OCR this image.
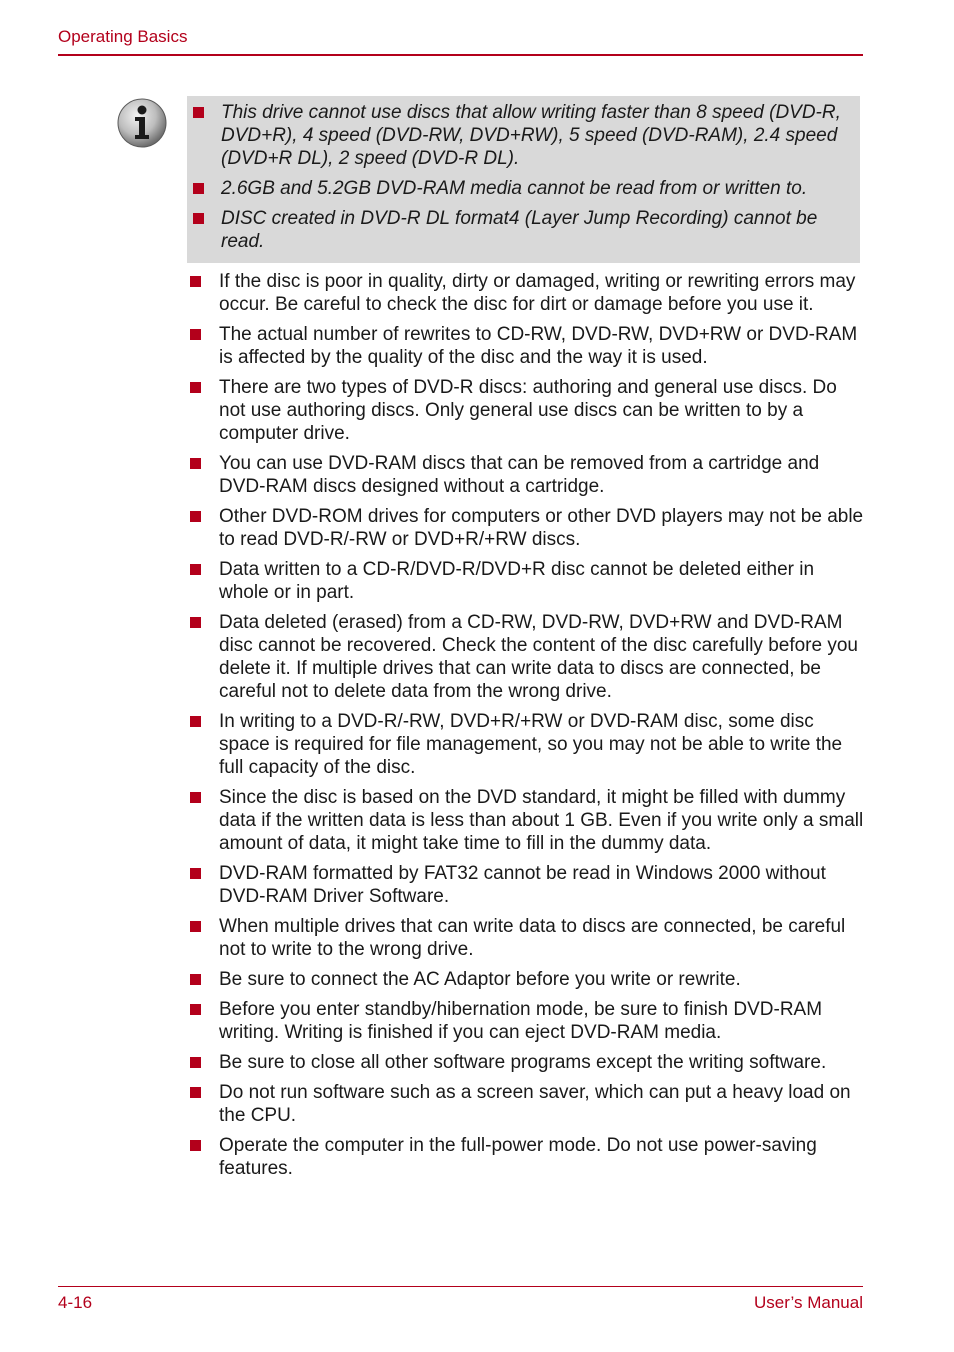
Operating Basics
This drive cannot use discs that allow writing faster than 8 speed (DVD-R, DVD+R), 4 speed (DVD-RW, DVD+RW), 5 speed (DVD-RAM), 2.4 speed (DVD+R DL), 2 speed (DVD-R DL).
2.6GB and 5.2GB DVD-RAM media cannot be read from or written to.
DISC created in DVD-R DL format4 (Layer Jump Recording) cannot be read.
If the disc is poor in quality, dirty or damaged, writing or rewriting errors may occur. Be careful to check the disc for dirt or damage before you use it.
The actual number of rewrites to CD-RW, DVD-RW, DVD+RW or DVD-RAM is affected by the quality of the disc and the way it is used.
There are two types of DVD-R discs: authoring and general use discs. Do not use authoring discs. Only general use discs can be written to by a computer drive.
You can use DVD-RAM discs that can be removed from a cartridge and DVD-RAM discs designed without a cartridge.
Other DVD-ROM drives for computers or other DVD players may not be able to read DVD-R/-RW or DVD+R/+RW discs.
Data written to a CD-R/DVD-R/DVD+R disc cannot be deleted either in whole or in part.
Data deleted (erased) from a CD-RW, DVD-RW, DVD+RW and DVD-RAM disc cannot be recovered. Check the content of the disc carefully before you delete it. If multiple drives that can write data to discs are connected, be careful not to delete data from the wrong drive.
In writing to a DVD-R/-RW, DVD+R/+RW or DVD-RAM disc, some disc space is required for file management, so you may not be able to write the full capacity of the disc.
Since the disc is based on the DVD standard, it might be filled with dummy data if the written data is less than about 1 GB. Even if you write only a small amount of data, it might take time to fill in the dummy data.
DVD-RAM formatted by FAT32 cannot be read in Windows 2000 without DVD-RAM Driver Software.
When multiple drives that can write data to discs are connected, be careful not to write to the wrong drive.
Be sure to connect the AC Adaptor before you write or rewrite.
Before you enter standby/hibernation mode, be sure to finish DVD-RAM writing. Writing is finished if you can eject DVD-RAM media.
Be sure to close all other software programs except the writing software.
Do not run software such as a screen saver, which can put a heavy load on the CPU.
Operate the computer in the full-power mode. Do not use power-saving features.
4-16	User’s Manual
